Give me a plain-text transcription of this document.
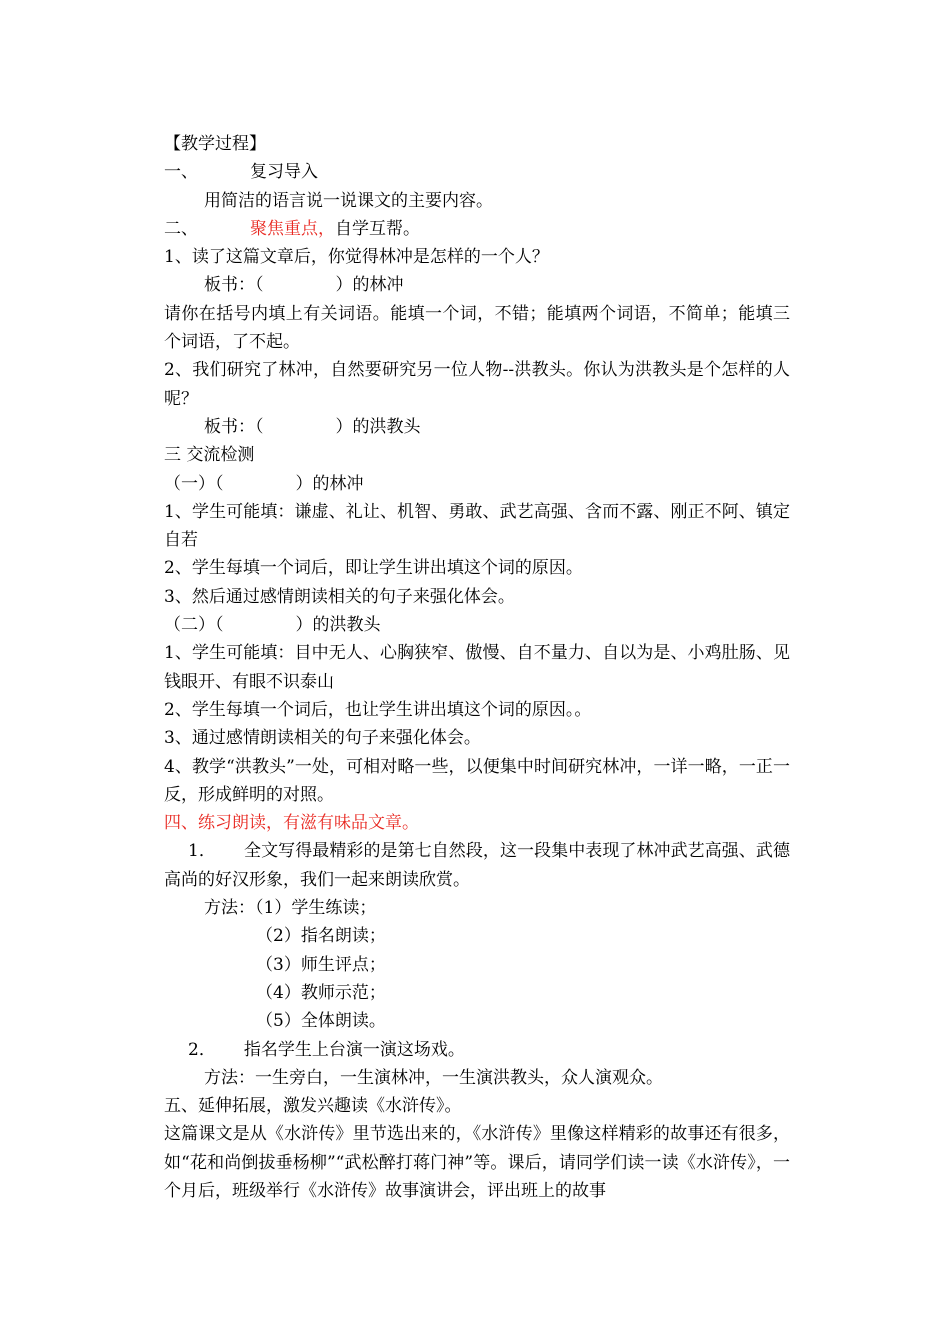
【教学过程】
一、	复习导入
用简洁的语言说一说课文的主要内容。
二、	聚焦重点，自学互帮。
1、读了这篇文章后，你觉得林冲是怎样的一个人？
板书：（	）的林冲
请你在括号内填上有关词语。能填一个词，不错；能填两个词语，不简单；能填三个词语，了不起。
2、我们研究了林冲，自然要研究另一位人物--洪教头。你认为洪教头是个怎样的人呢？
板书：（	）的洪教头
三 交流检测
（一）（	）的林冲
1、学生可能填：谦虚、礼让、机智、勇敢、武艺高强、含而不露、刚正不阿、镇定自若
2、学生每填一个词后，即让学生讲出填这个词的原因。
3、然后通过感情朗读相关的句子来强化体会。
（二）（	）的洪教头
1、学生可能填：目中无人、心胸狭窄、傲慢、自不量力、自以为是、小鸡肚肠、见钱眼开、有眼不识泰山
2、学生每填一个词后，也让学生讲出填这个词的原因。。
3、通过感情朗读相关的句子来强化体会。
4、教学“洪教头”一处，可相对略一些，以便集中时间研究林冲，一详一略，一正一反，形成鲜明的对照。
四、练习朗读，有滋有味品文章。
1． 全文写得最精彩的是第七自然段，这一段集中表现了林冲武艺高强、武德高尚的好汉形象，我们一起来朗读欣赏。
方法：（1）学生练读；
（2）指名朗读；
（3）师生评点；
（4）教师示范；
（5）全体朗读。
2． 指名学生上台演一演这场戏。
方法：一生旁白，一生演林冲，一生演洪教头，众人演观众。
五、延伸拓展，激发兴趣读《水浒传》。
这篇课文是从《水浒传》里节选出来的，《水浒传》里像这样精彩的故事还有很多，如“花和尚倒拔垂杨柳”“武松醉打蒋门神”等。课后，请同学们读一读《水浒传》，一个月后，班级举行《水浒传》故事演讲会，评出班上的故事
